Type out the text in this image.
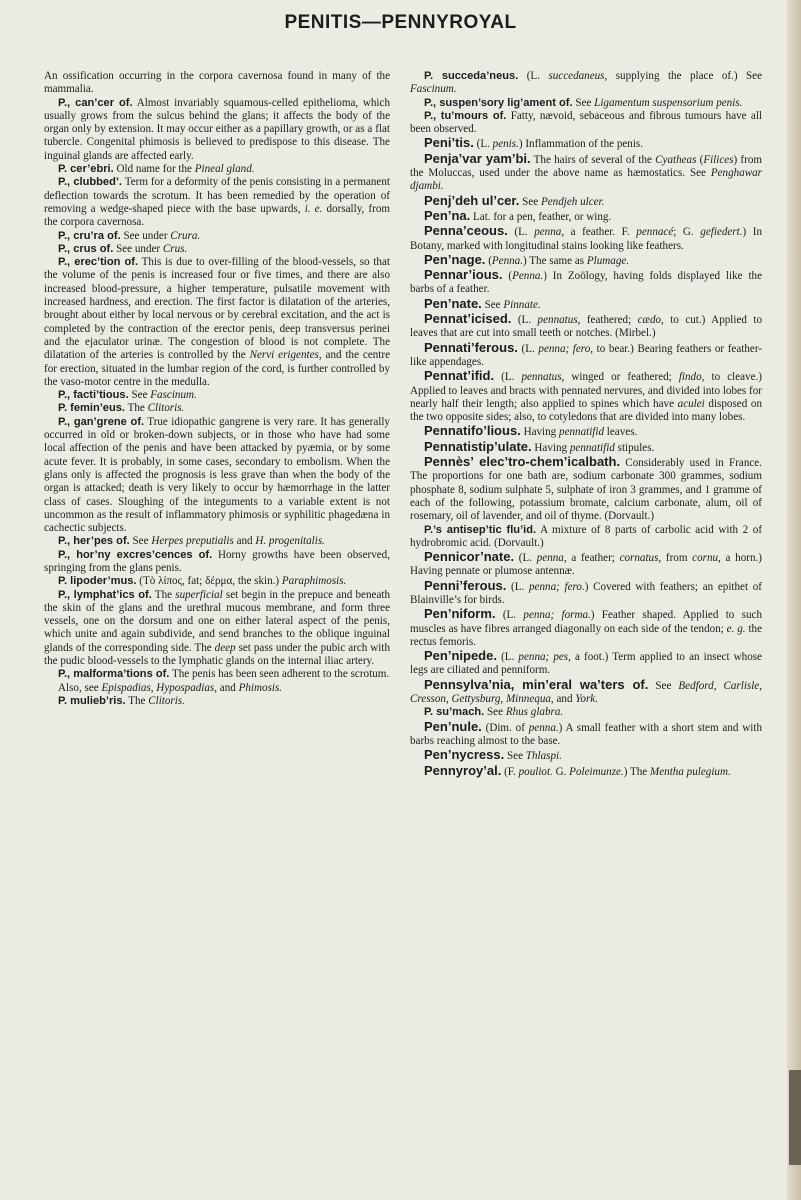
PENITIS—PENNYROYAL

An ossification occurring in the corpora cavernosa found in many of the mammalia.

P., can’cer of. Almost invariably squamous-celled epithelioma, which usually grows from the sulcus behind the glans; it affects the body of the organ only by extension. It may occur either as a papillary growth, or as a flat tubercle. Congenital phimosis is believed to predispose to this disease. The inguinal glands are affected early.

P. cer’ebri. Old name for the Pineal gland.

P., clubbed’. Term for a deformity of the penis consisting in a permanent deflection towards the scrotum. It has been remedied by the operation of removing a wedge-shaped piece with the base upwards, i. e. dorsally, from the corpora cavernosa.

P., cru’ra of. See under Crura.

P., crus of. See under Crus.

P., erec’tion of. This is due to over-filling of the blood-vessels, so that the volume of the penis is increased four or five times, and there are also increased blood-pressure, a higher temperature, pulsatile movement with increased hardness, and erection. The first factor is dilatation of the arteries, brought about either by local nervous or by cerebral excitation, and the act is completed by the contraction of the erector penis, deep transversus perinei and the ejaculator urinæ. The congestion of blood is not complete. The dilatation of the arteries is controlled by the Nervi erigentes, and the centre for erection, situated in the lumbar region of the cord, is further controlled by the vaso-motor centre in the medulla.

P., facti’tious. See Fascinum.

P. femin’eus. The Clitoris.

P., gan’grene of. True idiopathic gangrene is very rare. It has generally occurred in old or broken-down subjects, or in those who have had some local affection of the penis and have been attacked by pyæmia, or by some acute fever. It is probably, in some cases, secondary to embolism. When the glans only is affected the prognosis is less grave than when the body of the organ is attacked; death is very likely to occur by hæmorrhage in the latter class of cases. Sloughing of the integuments to a variable extent is not uncommon as the result of inflammatory phimosis or syphilitic phagedæna in cachectic subjects.

P., her’pes of. See Herpes preputialis and H. progenitalis.

P., hor’ny excres’cences of. Horny growths have been observed, springing from the glans penis.

P. lipoder’mus. (Τὸ λίπος, fat; δέρμα, the skin.) Paraphimosis.

P., lymphat’ics of. The superficial set begin in the prepuce and beneath the skin of the glans and the urethral mucous membrane, and form three vessels, one on the dorsum and one on either lateral aspect of the penis, which unite and again subdivide, and send branches to the oblique inguinal glands of the corresponding side. The deep set pass under the pubic arch with the pudic blood-vessels to the lymphatic glands on the internal iliac artery.

P., malforma’tions of. The penis has been seen adherent to the scrotum.

Also, see Epispadias, Hypospadias, and Phimosis.

P. mulieb’ris. The Clitoris.

P. succeda’neus. (L. succedaneus, supplying the place of.) See Fascinum.

P., suspen’sory lig’ament of. See Ligamentum suspensorium penis.

P., tu’mours of. Fatty, nævoid, sebaceous and fibrous tumours have all been observed.

Peni’tis. (L. penis.) Inflammation of the penis.

Penja’var yam’bi. The hairs of several of the Cyatheas (Filices) from the Moluccas, used under the above name as hæmostatics. See Penghawar djambi.

Penj’deh ul’cer. See Pendjeh ulcer.

Pen’na. Lat. for a pen, feather, or wing.

Penna’ceous. (L. penna, a feather. F. pennacé; G. gefiedert.) In Botany, marked with longitudinal stains looking like feathers.

Pen’nage. (Penna.) The same as Plumage.

Pennar’ious. (Penna.) In Zoölogy, having folds displayed like the barbs of a feather.

Pen’nate. See Pinnate.

Pennat’icised. (L. pennatus, feathered; cædo, to cut.) Applied to leaves that are cut into small teeth or notches. (Mirbel.)

Pennati’ferous. (L. penna; fero, to bear.) Bearing feathers or feather-like appendages.

Pennat’ifid. (L. pennatus, winged or feathered; findo, to cleave.) Applied to leaves and bracts with pennated nervures, and divided into lobes for nearly half their length; also applied to spines which have aculei disposed on the two opposite sides; also, to cotyledons that are divided into many lobes.

Pennatifo’lious. Having pennatifid leaves.

Pennatistip’ulate. Having pennatifid stipules.

Pennès’ elec’tro-chem’icalbath. Considerably used in France. The proportions for one bath are, sodium carbonate 300 grammes, sodium phosphate 8, sodium sulphate 5, sulphate of iron 3 grammes, and 1 gramme of each of the following, potassium bromate, calcium carbonate, alum, oil of rosemary, oil of lavender, and oil of thyme. (Dorvault.)

P.’s antisep’tic flu’id. A mixture of 8 parts of carbolic acid with 2 of hydrobromic acid. (Dorvault.)

Pennicor’nate. (L. penna, a feather; cornatus, from cornu, a horn.) Having pennate or plumose antennæ.

Penni’ferous. (L. penna; fero.) Covered with feathers; an epithet of Blainville’s for birds.

Pen’niform. (L. penna; forma.) Feather shaped. Applied to such muscles as have fibres arranged diagonally on each side of the tendon; e. g. the rectus femoris.

Pen’nipede. (L. penna; pes, a foot.) Term applied to an insect whose legs are ciliated and penniform.

Pennsylva’nia, min’eral wa’ters of. See Bedford, Carlisle, Cresson, Gettysburg, Minnequa, and York.

P. su’mach. See Rhus glabra.

Pen’nule. (Dim. of penna.) A small feather with a short stem and with barbs reaching almost to the base.

Pen’nycress. See Thlaspi.

Pennyroy’al. (F. pouliot. G. Poleimunze.) The Mentha pulegium.
